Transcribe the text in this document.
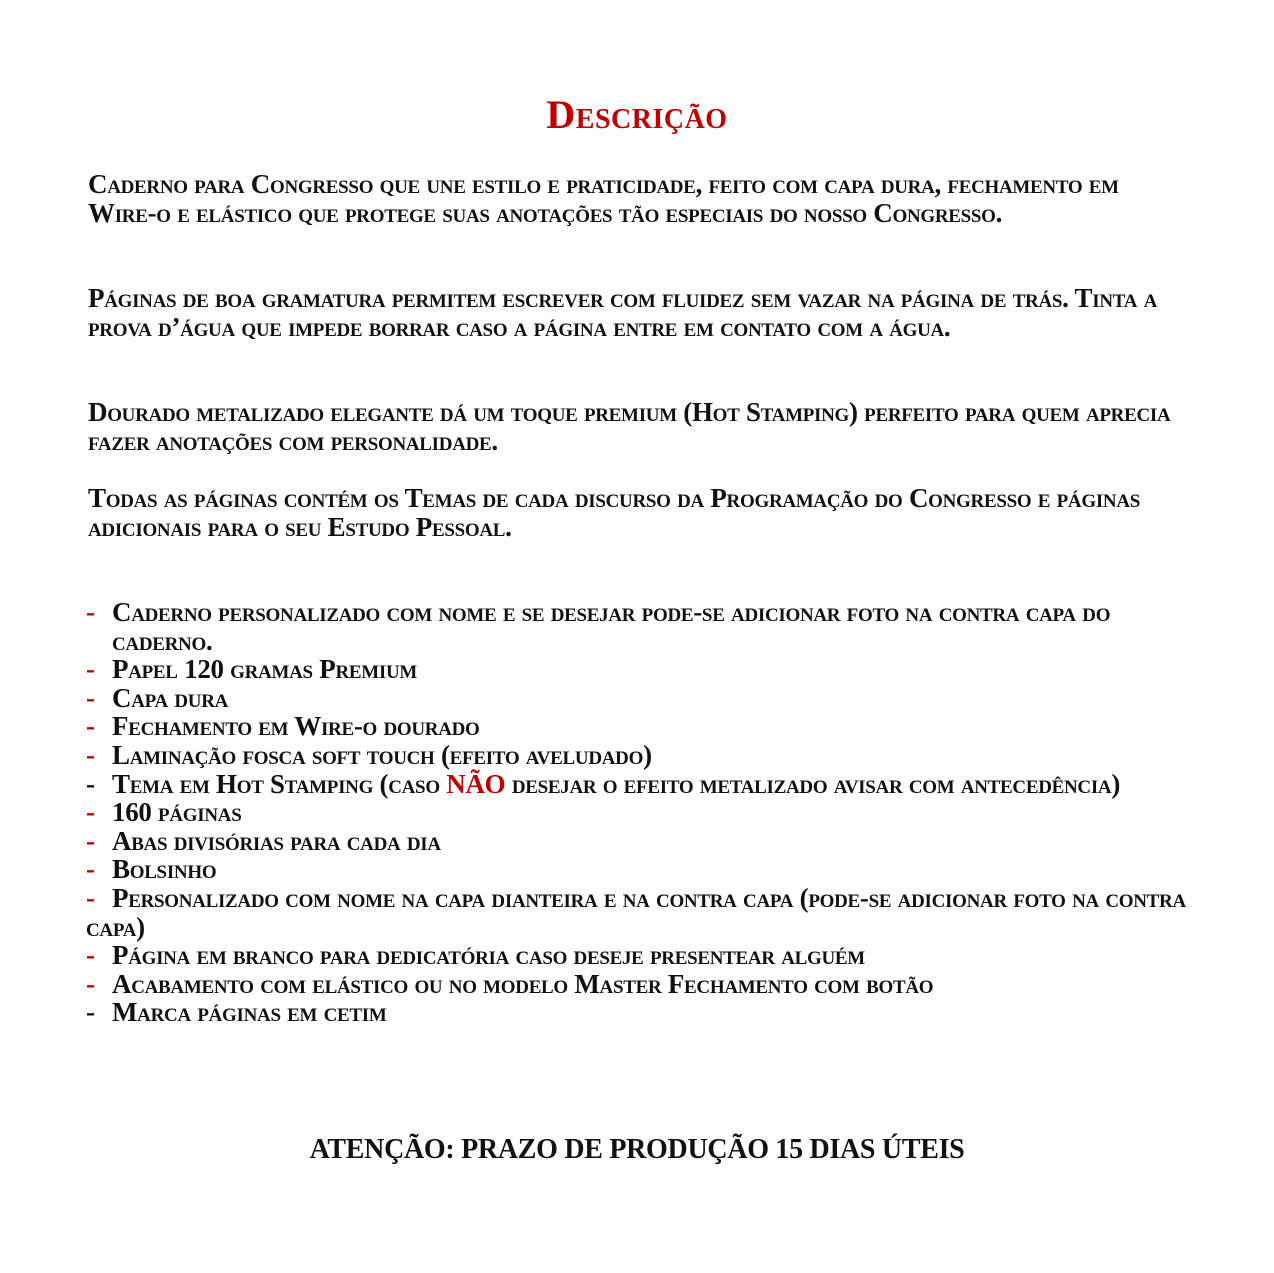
Descrição

Caderno para Congresso que une estilo e praticidade, feito com capa dura, fechamento em Wire-o e elástico que protege suas anotações tão especiais do nosso Congresso.

Páginas de boa gramatura permitem escrever com fluidez sem vazar na página de trás. Tinta a prova d’água que impede borrar caso a página entre em contato com a água.

Dourado metalizado elegante dá um toque premium (Hot Stamping) perfeito para quem aprecia fazer anotações com personalidade.

Todas as páginas contém os Temas de cada discurso da Programação do Congresso e páginas adicionais para o seu Estudo Pessoal.

- Caderno personalizado com nome e se desejar pode-se adicionar foto na contra capa do caderno.
- Papel 120 gramas Premium
- Capa dura
- Fechamento em Wire-o dourado
- Laminação fosca soft touch (efeito aveludado)
- Tema em Hot Stamping (caso NÃO desejar o efeito metalizado avisar com antecedência)
- 160 páginas
- Abas divisórias para cada dia
- Bolsinho
- Personalizado com nome na capa dianteira e na contra capa (pode-se adicionar foto na contra capa)
- Página em branco para dedicatória caso deseje presentear alguém
- Acabamento com elástico ou no modelo Master Fechamento com botão
- Marca páginas em cetim
ATENÇÃO: PRAZO DE PRODUÇÃO 15 DIAS ÚTEIS
